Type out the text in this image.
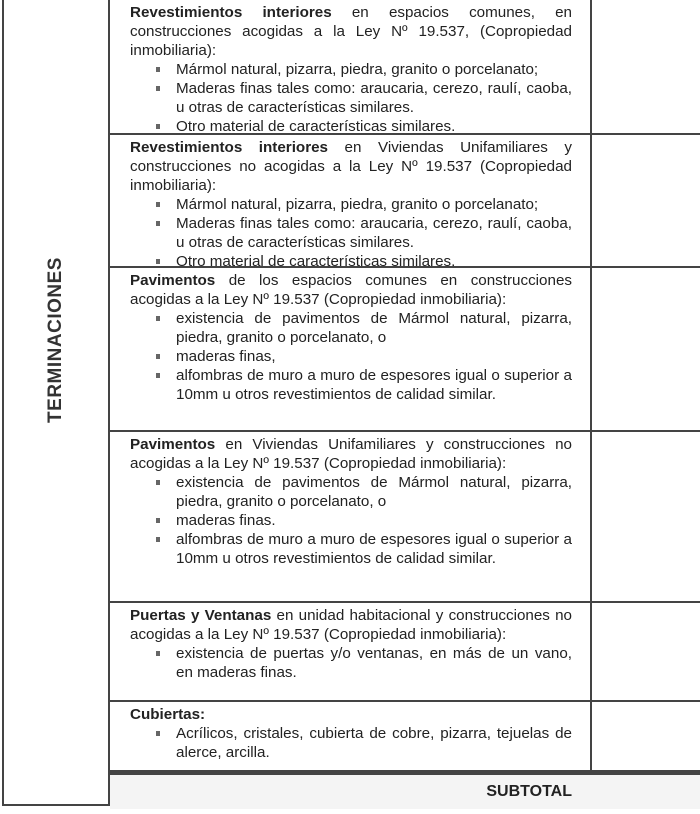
TERMINACIONES

Revestimientos interiores en espacios comunes, en construcciones acogidas a la Ley Nº 19.537, (Copropiedad inmobiliaria):

Mármol natural, pizarra, piedra, granito o porcelanato;
Maderas finas tales como: araucaria, cerezo, raulí, caoba, u otras de características similares.
Otro material de características similares.

Revestimientos interiores en Viviendas Unifamiliares y construcciones no acogidas a la Ley Nº 19.537 (Copropiedad inmobiliaria):

Mármol natural, pizarra, piedra, granito o porcelanato;
Maderas finas tales como: araucaria, cerezo, raulí, caoba, u otras de características similares.
Otro material de características similares.

Pavimentos de los espacios comunes en construcciones acogidas a la Ley Nº 19.537 (Copropiedad inmobiliaria):

existencia de pavimentos de Mármol natural, pizarra, piedra, granito o porcelanato, o
maderas finas,
alfombras de muro a muro de espesores igual o superior a 10mm u otros revestimientos de calidad similar.

Pavimentos en Viviendas Unifamiliares y construcciones no acogidas a la Ley Nº 19.537 (Copropiedad inmobiliaria):

existencia de pavimentos de Mármol natural, pizarra, piedra, granito o porcelanato, o
maderas finas.
alfombras de muro a muro de espesores igual o superior a 10mm u otros revestimientos de calidad similar.

Puertas y Ventanas en unidad habitacional y construcciones no acogidas a la Ley Nº 19.537 (Copropiedad inmobiliaria):

existencia de puertas y/o ventanas, en más de un vano, en maderas finas.

Cubiertas:

Acrílicos, cristales, cubierta de cobre, pizarra, tejuelas de alerce, arcilla.
SUBTOTAL
